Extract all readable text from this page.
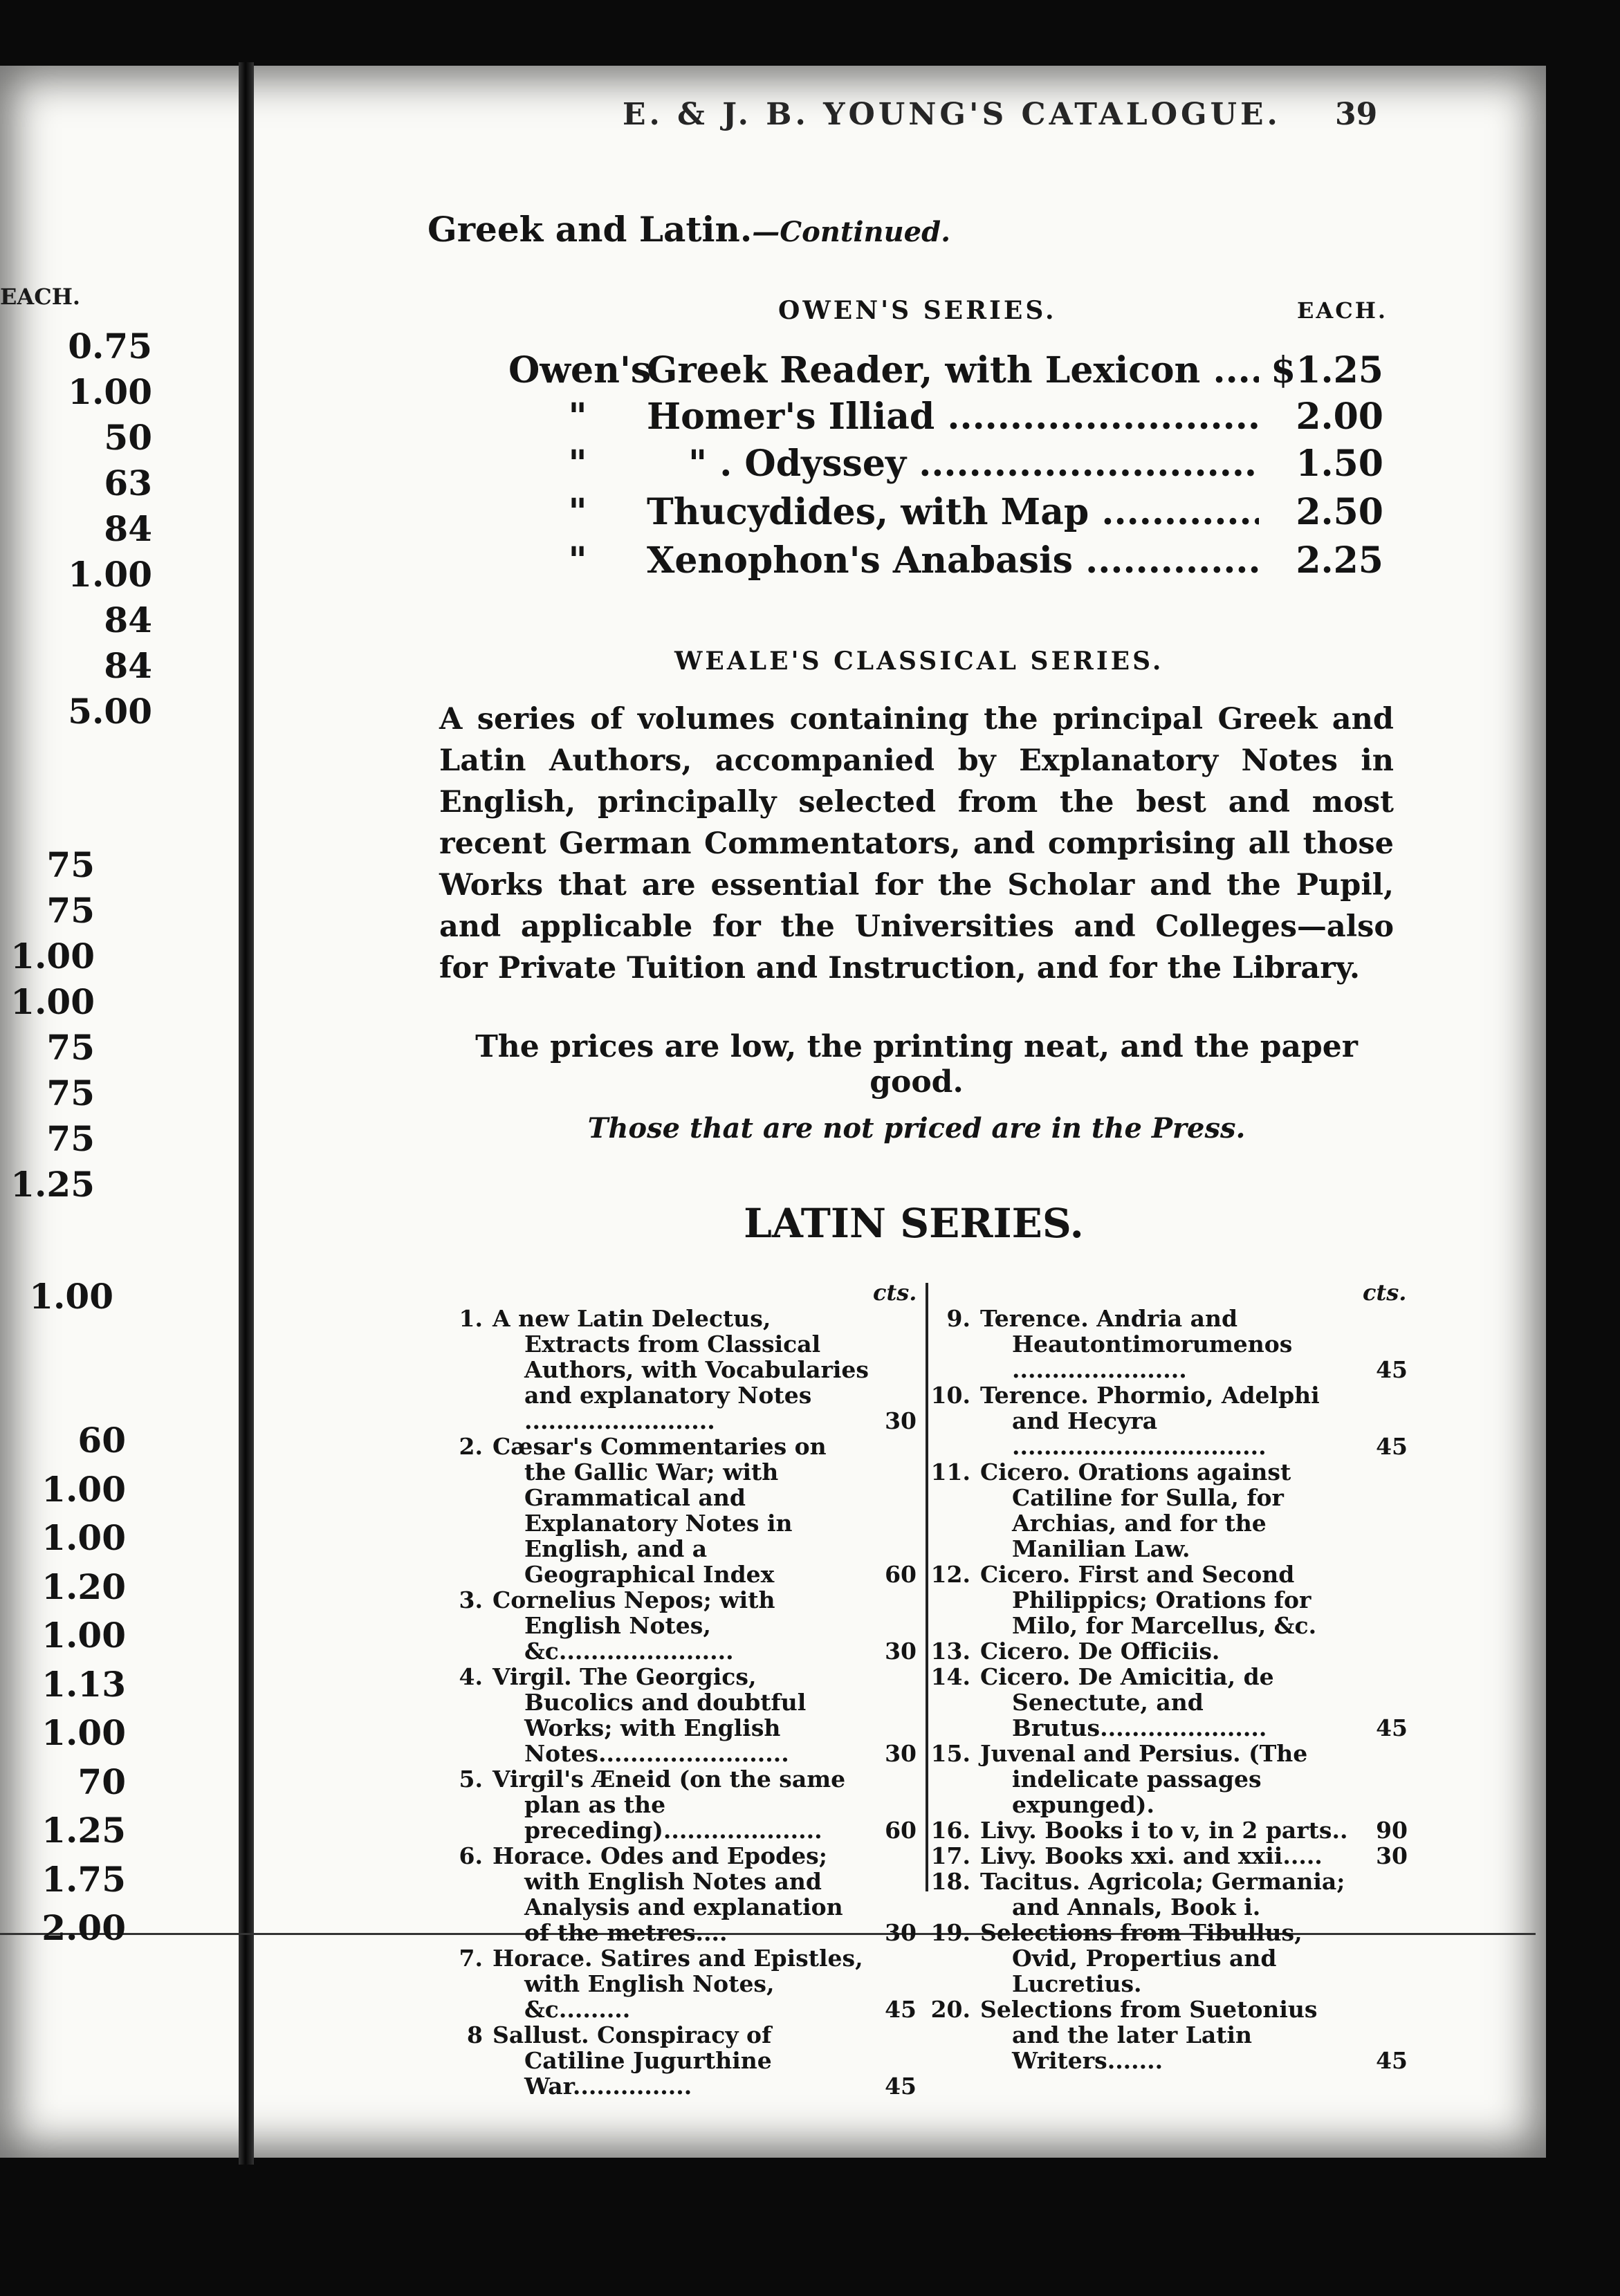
EACH.
0.75
1.00
50
63
84
1.00
84
84
5.00
75
75
1.00
1.00
75
75
75
1.25
1.00
60
1.00
1.00
1.20
1.00
1.13
1.00
70
1.25
1.75
2.00
E. & J. B. YOUNG'S CATALOGUE. 39
Greek and Latin.—Continued.
OWEN'S SERIES.	EACH.
Owen's
Greek Reader, with Lexicon .....	$1.25
"	Homer's Illiad .....	2.00
"	" . Odyssey .....	1.50
"	Thucydides, with Map .....	2.50
"	Xenophon's Anabasis .....	2.25
WEALE'S CLASSICAL SERIES.
A series of volumes containing the principal Greek and Latin Authors, accompanied by Explanatory Notes in English, principally selected from the best and most recent German Commentators, and comprising all those Works that are essential for the Scholar and the Pupil, and applicable for the Universities and Colleges—also for Private Tuition and Instruction, and for the Library.
The prices are low, the printing neat, and the paper good.
Those that are not priced are in the Press.
LATIN SERIES.
cts.	cts.
1. A new Latin Delectus, Extracts from Classical Authors, with Vocabularies and explanatory Notes ........................	30
2. Cæsar's Commentaries on the Gallic War; with Grammatical and Explanatory Notes in English, and a Geographical Index	60
3. Cornelius Nepos; with English Notes, &c......................	30
4. Virgil. The Georgics, Bucolics and doubtful Works; with English Notes........................	30
5. Virgil's Æneid (on the same plan as the preceding)....................	60
6. Horace. Odes and Epodes; with English Notes and Analysis and explanation of the metres....	30
7. Horace. Satires and Epistles, with English Notes, &c.........	45
8 Sallust. Conspiracy of Catiline Jugurthine War...............	45
9. Terence. Andria and Heautontimorumenos ......................	45
10. Terence. Phormio, Adelphi and Hecyra ................................	45
11. Cicero. Orations against Catiline for Sulla, for Archias, and for the Manilian Law.
12. Cicero. First and Second Philippics; Orations for Milo, for Marcellus, &c.
13. Cicero. De Officiis.
14. Cicero. De Amicitia, de Senectute, and Brutus.....................	45
15. Juvenal and Persius. (The indelicate passages expunged).
16. Livy. Books i to v, in 2 parts..	90
17. Livy. Books xxi. and xxii.....	30
18. Tacitus. Agricola; Germania; and Annals, Book i.
19. Selections from Tibullus, Ovid, Propertius and Lucretius.
20. Selections from Suetonius and the later Latin Writers.......	45
